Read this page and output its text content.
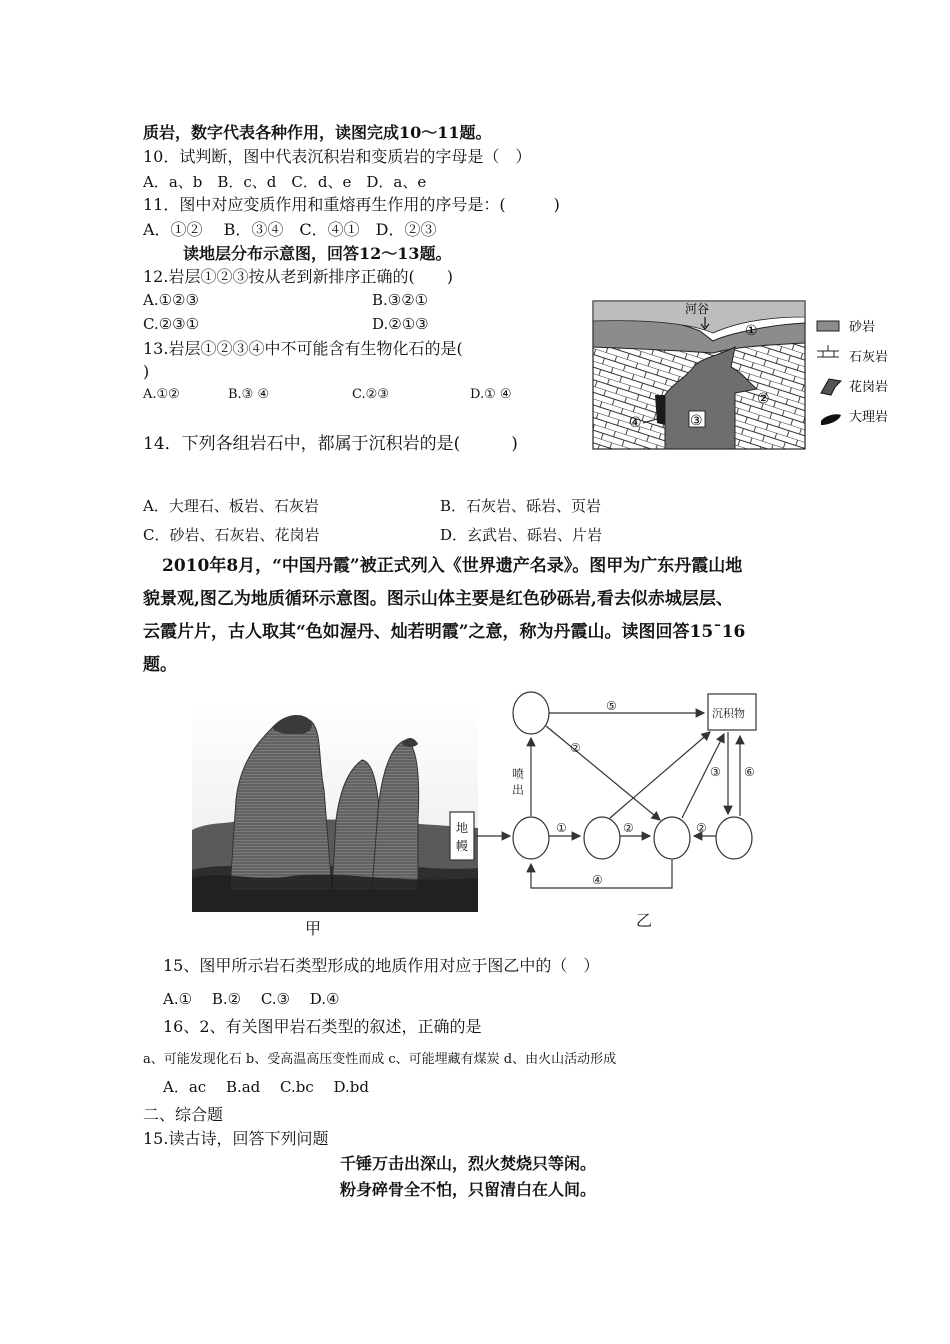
质岩，数字代表各种作用，读图完成10～11题。
10．试判断，图中代表沉积岩和变质岩的字母是（　）
A．a、b　B．c、d　C．d、e　D．a、e
11．图中对应变质作用和重熔再生作用的序号是：(　　　)
A．①②　 B．③④　C．④①　D．②③
读地层分布示意图，回答12～13题。
12.岩层①②③按从老到新排序正确的(　　)
A.①②③	B.③②①
C.②③①	D.②①③
13.岩层①②③④中不可能含有生物化石的是(
)
A.①②	B.③ ④	C.②③	D.① ④
14．下列各组岩石中，都属于沉积岩的是(　　　)
A．大理石、板岩、石灰岩	B．石灰岩、砾岩、页岩
C．砂岩、石灰岩、花岗岩	D．玄武岩、砾岩、片岩
2010年8月，“中国丹霞”被正式列入《世界遗产名录》。图甲为广东丹霞山地
貌景观,图乙为地质循环示意图。图示山体主要是红色砂砾岩,看去似赤城层层、
云霞片片，古人取其“色如渥丹、灿若明霞”之意，称为丹霞山。读图回答15¯16
题。
河谷
①
②
③
④
砂岩
石灰岩
花岗岩
大理岩
甲
沉积物
地
幔
喷
出
⑤
②
①	②	②
③ ⑥
④
乙
15、图甲所示岩石类型形成的地质作用对应于图乙中的（　）
A.①　 B.②　 C.③　 D.④
16、2、有关图甲岩石类型的叙述，正确的是
a、可能发现化石 b、受高温高压变性而成 c、可能埋藏有煤炭 d、由火山活动形成
A．ac　 B.ad　 C.bc　 D.bd
二、综合题
15.读古诗，回答下列问题
千锤万击出深山，烈火焚烧只等闲。
粉身碎骨全不怕，只留清白在人间。
